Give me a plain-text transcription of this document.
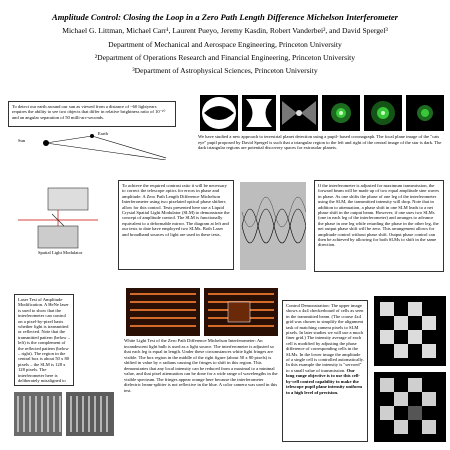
Amplitude Control: Closing the Loop in a Zero Path Length Difference Michelson Interferometer
Michael G. Littman, Michael Carr¹, Laurent Pueyo, Jeremy Kasdin, Robert Vanderbei², and David Spergel³
Department of Mechanical and Aerospace Engineering, Princeton University
²Department of Operations Research and Financial Engineering, Princeton University
³Department of Astrophysical Sciences, Princeton University
To detect our earth around our sun as viewed from a distance of ~60 lightyears requires the ability to see two objects that differ in relative brightness ratio of 10⁻¹⁰ and an angular separation of 50 milli-arc-seconds.
Sun
Earth
We have studied a new approach to terrestrial planet detection using a pupil- based coronagraph. The focal plane image of the "cats eye" pupil proposed by David Spergel is such that a triangular region to the left and right of the central image of the star is dark. The dark triangular regions are potential discovery spaces for extrasolar planets.
Spatial Light Modulator
To achieve the required contrast ratio it will be necessary to correct the telescope optics for errors in phase and amplitude. A Zero Path Length Difference Michelson Interferometer using two pixelated optical phase shifters allow for this control. Tests presented here use a Liquid Crystal Spatial Light Modulator (SLM) to demonstrate the concept of amplitude control. The SLM is functionally equivalent to a deformable mirror. The diagram at left and our tests to date have employed two SLMs. Both Laser and broadband sources of light are used in these tests.
If the interferometer is adjusted for maximum transmission, the forward beam will be made up of two equal amplitude sine waves in phase. As one shifts the phase of one leg of the interferometer using the SLM, the transmitted intensity will drop. Note that in addition to attenuation, a phase shift in one SLM leads to a net phase shift in the output beam. However, if one uses two SLMs (one in each leg of the interferometer) and arranges to advance the phase in one leg while retarding the phase in the other leg, the net output phase shift will be zero. This arrangement allows for amplitude control without phase shift. Output phase control can then be achieved by allowing for both SLMs to shift in the same direction.
Laser Test of Amplitude Modification. A HeNe laser is used to show that the interferometer can control on a pixel-by-pixel basis whether light is transmitted or reflected. Note that the transmitted pattern (below – left) is the complement of the reflected pattern (below – right). The region in the central box is about 50 x 80 pixels – the SLM is 128 x 128 pixels. The interferometer here is deliberately misaligned to show fringes.
White Light Test of the Zero Path Difference Michelson Interferometer: An incandescent light bulb is used as a light source. The interferometer is adjusted so that each leg is equal in length. Under these circumstances white light fringes are visible. The box region in the middle of the right figure (about 50 x 80 pixels) is shifted in value by π radians causing the fringes to shift in this region. This demonstrates that any local intensity can be reduced from a maximal to a minimal value, and that pixel attenuation can be done for a wide range of wavelengths in the visible spectrum. The fringes appear orange here because the interferometer dielectric beam-splitter is not reflective in the blue. A color camera was used in this test.
Control Demonstration: The upper image shows a 4x4 checkerboard of cells as seen in the transmitted beam. (The coarse 4x4 grid was chosen to simplify the alignment task of matching camera pixels to SLM pixels. In later studies we will use a much finer grid.) The intensity average of each cell is modified by adjusting the phase difference of corresponding cells in the SLMs. In the lower image the amplitude of a single cell is controlled automatically. In this example the intensity is "servoed" to a small value of transmission. Our long range objective is to use this cell-by-cell control capability to make the telescope pupil plane intensity uniform to a high level of precision.
